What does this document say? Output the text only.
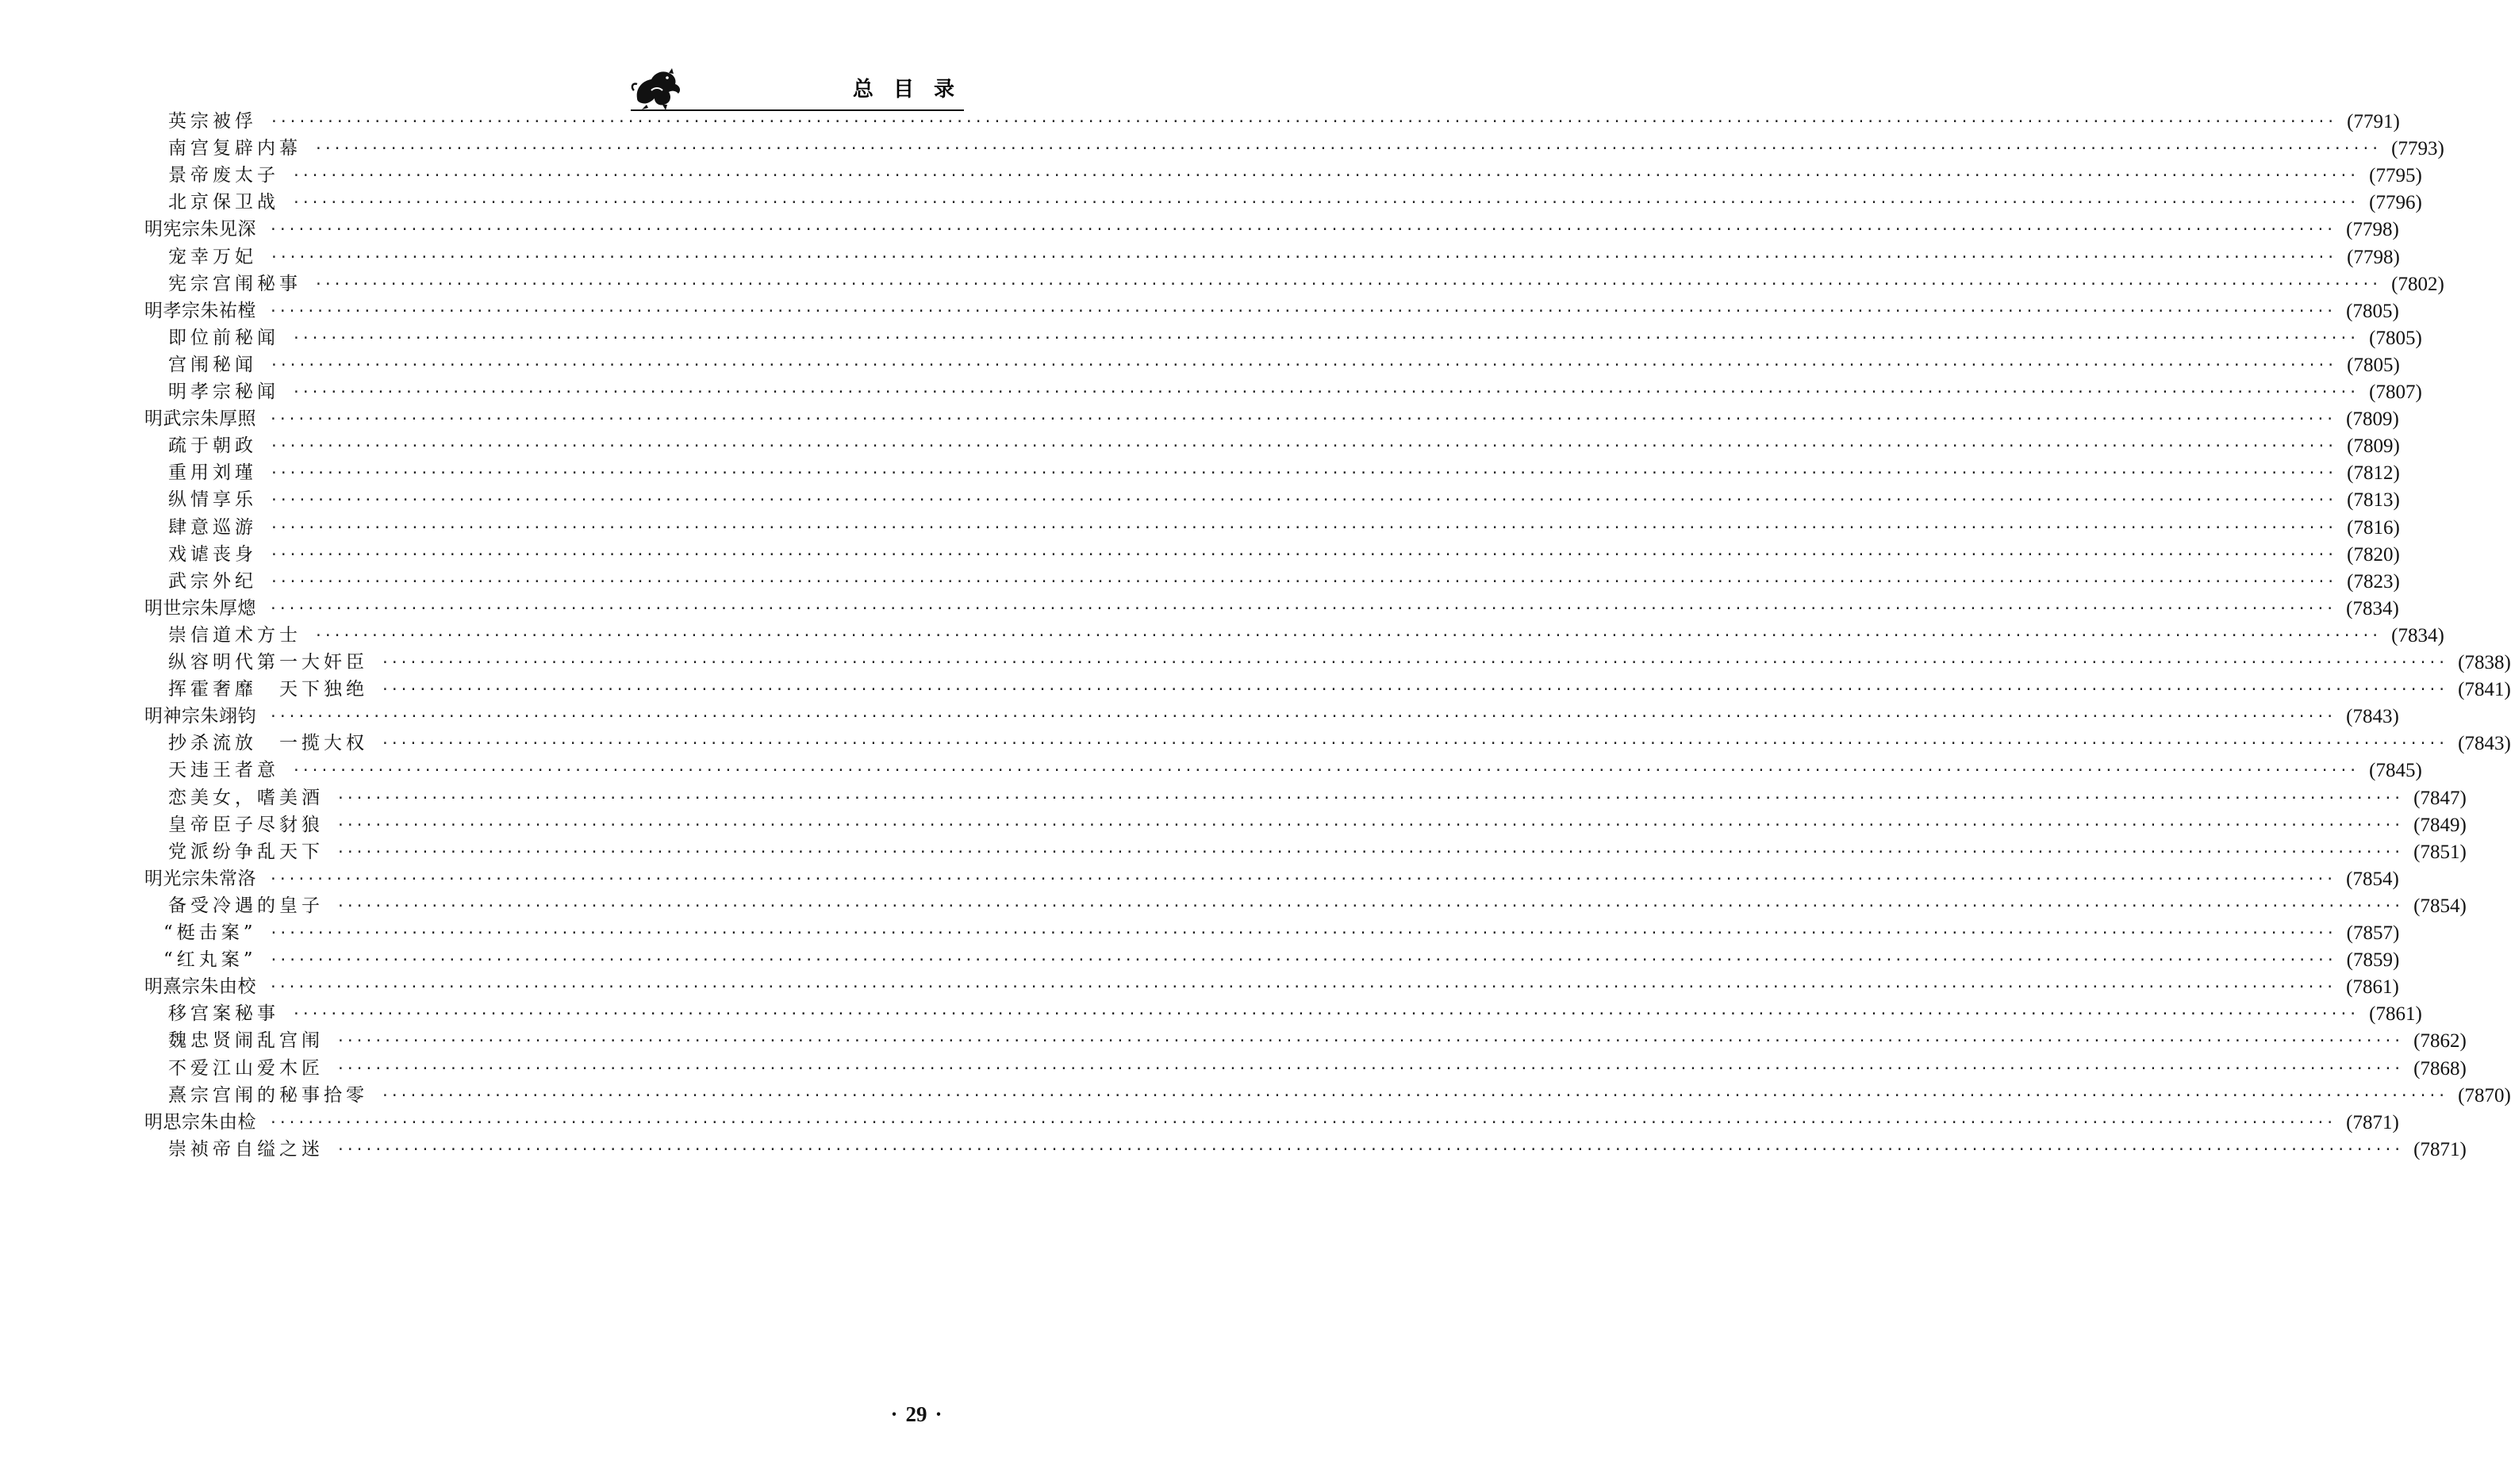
总 目 录
英宗被俘 ···························································································································································································································· (7791)
南宫复辟内幕 ···························································································································································································································· (7793)
景帝废太子 ···························································································································································································································· (7795)
北京保卫战 ···························································································································································································································· (7796)
明宪宗朱见深 ···························································································································································································································· (7798)
宠幸万妃 ···························································································································································································································· (7798)
宪宗宫闱秘事 ···························································································································································································································· (7802)
明孝宗朱祐樘 ···························································································································································································································· (7805)
即位前秘闻 ···························································································································································································································· (7805)
宫闱秘闻 ···························································································································································································································· (7805)
明孝宗秘闻 ···························································································································································································································· (7807)
明武宗朱厚照 ···························································································································································································································· (7809)
疏于朝政 ···························································································································································································································· (7809)
重用刘瑾 ···························································································································································································································· (7812)
纵情享乐 ···························································································································································································································· (7813)
肆意巡游 ···························································································································································································································· (7816)
戏谑丧身 ···························································································································································································································· (7820)
武宗外纪 ···························································································································································································································· (7823)
明世宗朱厚熜 ···························································································································································································································· (7834)
崇信道术方士 ···························································································································································································································· (7834)
纵容明代第一大奸臣 ···························································································································································································································· (7838)
挥霍奢靡　天下独绝 ···························································································································································································································· (7841)
明神宗朱翊钧 ···························································································································································································································· (7843)
抄杀流放　一揽大权 ···························································································································································································································· (7843)
天违王者意 ···························································································································································································································· (7845)
恋美女，嗜美酒 ···························································································································································································································· (7847)
皇帝臣子尽豺狼 ···························································································································································································································· (7849)
党派纷争乱天下 ···························································································································································································································· (7851)
明光宗朱常洛 ···························································································································································································································· (7854)
备受冷遇的皇子 ···························································································································································································································· (7854)
“梃击案” ···························································································································································································································· (7857)
“红丸案” ···························································································································································································································· (7859)
明熹宗朱由校 ···························································································································································································································· (7861)
移宫案秘事 ···························································································································································································································· (7861)
魏忠贤闹乱宫闱 ···························································································································································································································· (7862)
不爱江山爱木匠 ···························································································································································································································· (7868)
熹宗宫闱的秘事拾零 ···························································································································································································································· (7870)
明思宗朱由检 ···························································································································································································································· (7871)
崇祯帝自缢之迷 ···························································································································································································································· (7871)
· 29 ·
